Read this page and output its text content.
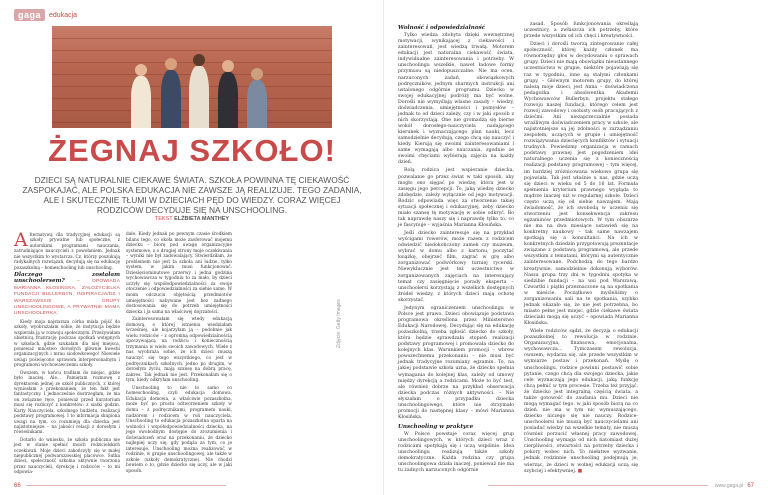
gaga	edukacja
ŻEGNAJ SZKOŁO!
DZIECI SĄ NATURALNIE CIEKAWE ŚWIATA. SZKOŁA POWINNA TĘ CIEKAWOŚĆ ZASPOKAJAĆ, ALE POLSKA EDUKACJA NIE ZAWSZE JĄ REALIZUJE. TEGO ZADANIA, ALE I SKUTECZNIE TŁUMI W DZIECIACH PĘD DO WIEDZY. CORAZ WIĘCEJ RODZICÓW DECYDUJE SIĘ NA UNSCHOOLING.
TEKST ELŻBIETA MANTHEY

Alternatywą dla tradycyjnej edukacji są szkoły prywatne lub społeczne, z autorskimi programami nauczania, zatrudniające nauczycieli z powołaniem. Jednak nie wszystkim to wystarcza. Cz, którzy poszukują radykalnych rozwiązań, decydują się na edukację pozaszkolną – homeschooling lub unschooling.

Dlaczego zostałam unschoolersem?	– OPOWIADA MARIANNA KŁOSIŃSKA, ZAŁOŻYCIELKA FUNDACJI BULLERBYN, INSPIRACJA/DZ I WARSZAWSKIE GRUPY UNSCHOOLINGOWE, A PRYWATNIE MAMA UNSCHOOLERKA.

Kiedy moja najstarsza córka miała pójść do szkoły, wyobrażałam sobie, że instytucja będzie wspierała ją w rozwoju społecznym. Przeżywałam obietnicą frustrację podczas spotkań wstępnych w szkołach, gdzie szukałam dla niej miejsca, ponieważ mnóstwo dorosłych głównie kwestii organizacyjnych i mrau siodowkowego! Niewiele uwagi poświęcono sprawom interpersonalnym i programowi wychowawczemu szkoły.

Owszem, w końcu trafiłam do miejsc, gdzie było inaczej. Ale... Pamiętam rozmowę z dyrektorem jednej ze szkół publicznych, z której wyniosłam z przekonaniem, że ten fakt jest fantastyczny. I jednocześnie dostrzegłam, że ma on związane ręce, ponieważ przed kuratorium musi się rozliczyć z konkretów: z siatki godzin, Karty Nauczyciela, szkolnego budżetu, realizacji podstawy programowej. I to informacja skupiona uwagi na tym, co rozumieją dla dziecka jest najistotniejsze – na jakości relacji z dorosłym i rówieśnikami.

Dotarło do wniosku, że szkoła publiczna nie jest w stanie spełnić moich rodzicielskich oczekiwań. Moje dzieci zakończyły się w małej niepublicznej podwarszawskiej placówce. Sutka dzieci, społeczność szkolna aktywnie tworzona przez nauczycieli, dyrekcję i rodziców – to mi odpowia-

dało. Kiedy jednak po pewnym czasie środkiem bilans tego, co okoła może zaoferować mojemu dziecku – biorę pod uwagę organizacyjne systemowe, z o drugiej strony moje oczekiwania – wyniki nie był zadowalający. Stwierdziłam, że problemem nie jest ta szkoła ani ludzie, tylko system, w jakim musi funkcjonować. Dziesięciominutowe przerwy i jedna godzina wychowawcza w tygodniu to za mało, by dzieci uczyły się współodpowiedzialności za swoje otoczenie i odpowiedzialności za siebie same. W moim odczuciu objętością przedmiotów umiejętności nabywane jest bez żadnego dostosowania się do potrzeb umiejętności dziecka i ja sama na właściwej dojrzałości.

Zainteresowałam się wtedy edukacją domową, o której istnieniu wiedziałam wcześniej, ale kojarzyłam ją – podobnie jak wielu rodziców – z ogromną odpowiedzialnością spoczywającą na rodzicu i koniecznością trzymania w wielu swoich zawodowych. Wiele z nas wyobraża sobie, że ich dzieci muszą nauczyć się tego wszystkiego, co jest w podręcznikach szkolnych, jedno po drugim, w dorosłym życiu, mają szansę na dobrą pracę, zakres. Tak jednak nie jest. Przekonałam się o tym, kiedy odkryłam unschooling.

Unschooling to nie to samo co homeschooling, czyli edukacja domowa. Edukacja domowa, a właściwie pozaszkolna, może być po prostu odtworzeniem szkoły w domu – z podręcznikami, programem nauki, nadzorem i rodzicem w roli nauczyciela. Unschooling to edukacja pozaszkolna oparta na wolności i współodpowiedzialności dziecka, na jego swobodnym dostępie do zrozumienia i doświadczeń oraz na przekonaniu, że dziecko najlepiej uczy się, gdy podąża za tym, co je interesuje. Unschooling można realizować w rodzinie, w grupie unschoolingowej, ale także w szkole (szkoły demokratyczne). Nie chodzi bowiem o to, gdzie dziecko się uczy, ale w jaki sposób.

Zdjęcie: Getty Images
66
Wolność i odpowiedzialność

Tylko wiedza zdobyta dzięki wewnętrznej motywacji, wynikającej z ciekawości i zainteresowań, jest wiedzą trwałą. Motorem edukacji jest naturalna ciekawość świata, indywidualne zainteresowania i potrzeby. W unschoolingu wszelkie, nawet ładowe formy przymusu są niedopuszczalne. Nie ma ocen, narzuconych zadań, obowiązkowych podręczników, jednym sharmych instrukcji ani ustalonego odgórnie programu. Dziecko w swojej edukacyjnej podróży ma być wolne. Dorośli nie wymyślają własne zasady – wiedzy, doświadczenia, umiejętności i pomysłów – jednak to od dzieci zależy, czy i w jaki sposób z nich skorzystają. One nie gromadzą się bierne wokół dorosłego-nauczyciela nadającego kierunek i wyznaczającego plan nauki, lecz samodzielnie decydują, czego chcą się nauczyć i kiedy. Kierują się swoimi zainteresowaniami i same wymagają albo nauczania, zgodnie ze swoimi chęciami wybierają zajęcia na każdy dzień.

Rolą rodzica jest wspieranie dziecka, pozwalanie go przez świat w taki sposób, aby mogło ono sięgać po wiedzę, która jest w zasięgu jego percepcji. To, jaką wiedzę dziecko zdobędzie, zależy wyłącznie od jego motywacji. Rodzic odpowiada więc za stworzenie takiej sytuacji społecznej i edukacyjnej, żeby dziecko miało szansę tę motywację w sobie odkryć. Bo tak naprawdę naszy się i naprawdę tylko to, co je fascynuje – wyjaśnia Marianna Kłosińska.

Jeśli dziecko zainteresuje się na przykład wyścigami rowerów, może razem z rodzicem odwiedzić niedokończony zamek czy muzeum, wybrać w domu albo z kartonu, poczytać książkę, obejrzeć film, zagrać w grę albo zorganizować podwórkowy turniej rycerski. Niewyklucznie jest też uczestnictwo w zorganizowanych zajęciach na interesujący temat czy zasięgnięcie porady eksperta – unschoolersi korzystają z wszelkich dostępnych źródeł wiedzy, z których dzieci mają ochotę skorzystać.

Jedynym ograniczeniem unschoolingu w Polsce jest prawo. Dzieci obowiązuje podstawa programowa określona przez Ministerstwo Edukacji Narodowej. Decydując się na edukację pozaszkolną, trzeba zgłosić dziecko do szkoły, która będzie sprawdzała stopień realizacji podstawy programowej i promowała dziecko do kolejnych klas. Warunkiem promocji – wbrew powszechnemu przekonaniu – nie musi być jednak tradycyjne rozumiany egzamin. To, na jakiej podstawie szkoła uzna, że dziecko spełnia wymagania do kolejnej klas, zależy od umowy między dyrekcją a rodzicami. Może to być test, ale również dobrze na przykład obserwacja dziecka podczas różnych aktywności. – Nie słyszałam o przypadku dziecka unschoolingowego, które nie otrzymało promocji do następnej klasy – mówi Marianna Kłosińska.

Unschooling w praktyce

W Polsce powstaje coraz więcej grup unschoolingowych, w których dzieci wraz z rodzicami spotykają się i uczą wspólnie. Idea unschoolingu realizują także szkoły demokratyczne. Każda rodzina czy grupa unschoolingowa działa inaczej, ponieważ nie ma tu żadnych narzuconych odgórnie

zasad. Sposób funkcjonowania określają uczestnicy, a zwłaszcza ich potrzeby, które przede wszystkim od ich chęci i kreatywności.

Dzieci i dorośli tworzą zintegrowanie całej społeczność, której każdy członek ma równorzędny głos w decydowaniu o sprawach grupy. Dzieci nie mają obowiązku nieustannego uczestnictwa w grupie, niektóre pojawiają się raz w tygodniu, inne są stałymi członkami grupy. – Głównym motorem grupy, do której należą moje dzieci, jest Anna – doświadczona pedagożka i absolwentka Akademii Wychowawców Bullerbyn, projektu stałego rozwoju naszej fundacji, którego celem jest rozwój zawodowy i osobisty osób pracujących z dziećmi. Ani niezaprzeczalnie posiada wrażliwym doświadczeniem pracy w szkole, ale najistotniejsze są jej zdolności w zarządzaniu zespołem, uczących w grupie i umiejętność rozwiązywania dziecięcych konfliktów i sytuacji trudnych. Powiedzmy organizacja w ramach podstawy prawnej jest pogodzeniem idei naturalnego uczenia się z koniecznością realizacji podstawy programowej – tym więcej, im bardziej zróżnicowana wiekowo grupa się pojawiała. Tak jest właśnie u nas, gdzie uczą się dzieci w wieku od 5 do 16 lat. Formuła spełnienia kryterium prawnego wygląda to mądrze inaczej niż w regularnej szkole. Dzieci często uczą się od siebie nawzajem. Mają świadomość, że ich swobodą w uczeniu się stworzeniu jest konsekwencja zakresu egzaminów przedmiotowych. W tym obszarze nie ma na dwa miesiące ustawień się na konkretny naukowy – tak same nawzajem spotkają się a konsultanci. Na ich w konkretnych dziedzin przygotowują prezentacje związane z podstawą programową, ale przede wszystkim z tematami, którymi są autentycznie zainteresowane. Podchodzą do tego bardzo kreatywnie, samodzielnie dokonują wyborów. Nasza grupa trzy dni w tygodniu spotyka w siedzibie fundacji – na wsi pod Warszawą. Czwartki i piątki przeznaczone są na spotkania w mieście. Początkowo myśleliśmy o zorganizowaniu sali na te spotkania, szybko jednak okazało się, że nie jest potrzebna, bo miasto pełne jest miejsc, gdzie ciekawe świata dzieciaki mogą się uczyć – opowiada Marianna Kłosińska.

Wiele rodziców sądzi, że decyzja o edukacji pozaszkolnej to rewolucja w rodzinie. Organizacyjna, finansowa, emocjonalna, wychowawcza... Tymczasem rewolucja, owszem, wydarza się, ale przede wszystkim w wymiarze postaw i przekonań. Myślę o unschoolingu, rodzice powinni postawić sobie pytanie, czego chcą dla swojego dziecka, jakie cele wyznaczają jego edukacji, jaką funkcję chcą pełnić w tym procesie. Trzeba też przyjąć, że dziecko jest integralną częścią świata, a także gotowość do zaufania mu. Dzieci nie mogą wymagać tego, w jaki sposób biorą na co dzień, nie ma w tym nic wymuszającego, dziecko niczego się nie nauczy. Rodzice-unschoolersi nie muszą być nauczycielami ani posiadać wiedzy na wszelkie tematy, nie muszą również porzucić własnej pracy zawodowej. Unschooling wymaga od nich natomiast dużej cierpliwości, otwartości na potrzeby dziecka i pokory wobec nich. To niełatwe wyzwanie, jednak rodzinnie unschooling podejmują je, wierząc, że dzieci w wolnej edukacji uczą się szybciej i efektywniej. ■

www.gaga.pl 67
